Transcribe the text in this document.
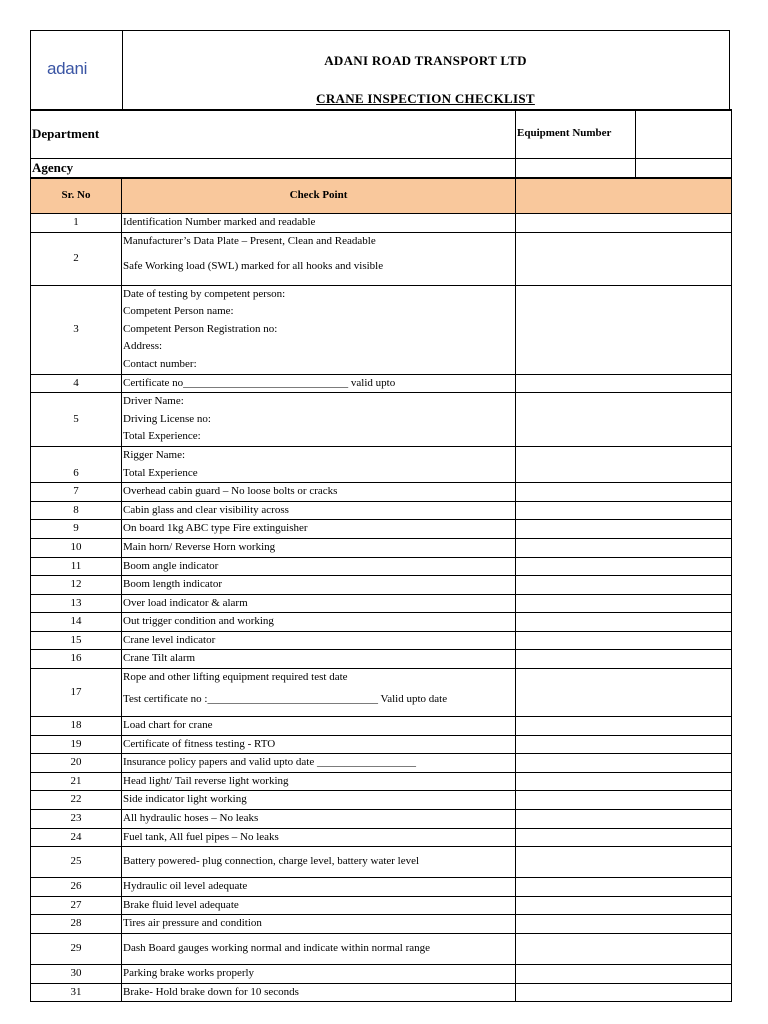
adani	ADANI ROAD TRANSPORT LTD
CRANE INSPECTION CHECKLIST
Department		Equipment Number	
Agency			
Sr. No	Check Point		
1	Identification Number marked and readable		

2	Manufacturer’s Data Plate – Present, Clean and Readable
Safe Working load (SWL) marked for all hooks and visible		

3	Date of testing by competent person:
Competent Person name:
Competent Person Registration no:
Address:
Contact number:		

4	Certificate no______________________________ valid upto		

5	Driver Name:
Driving License no:
Total Experience:		

6	Rigger Name:
Total Experience		

7	Overhead cabin guard – No loose bolts or cracks		

8	Cabin glass and clear visibility across		

9	On board 1kg ABC type Fire extinguisher		

10	Main horn/ Reverse Horn working		

11	Boom angle indicator		

12	Boom length indicator		

13	Over load indicator & alarm		

14	Out trigger condition and working		

15	Crane level indicator		

16	Crane Tilt alarm		

17	Rope and other lifting equipment required test date
Test certificate no :_______________________________ Valid upto date		

18	Load chart for crane		

19	Certificate of fitness testing - RTO		

20	Insurance policy papers and valid upto date __________________		

21	Head light/ Tail reverse light working		

22	Side indicator light working		

23	All hydraulic hoses – No leaks		

24	Fuel tank, All fuel pipes – No leaks		

25	Battery powered- plug connection, charge level, battery water level		

26	Hydraulic oil level adequate		

27	Brake fluid level adequate		

28	Tires air pressure and condition		

29	Dash Board gauges working normal and indicate within normal range		

30	Parking brake works properly		

31	Brake- Hold brake down for 10 seconds		
